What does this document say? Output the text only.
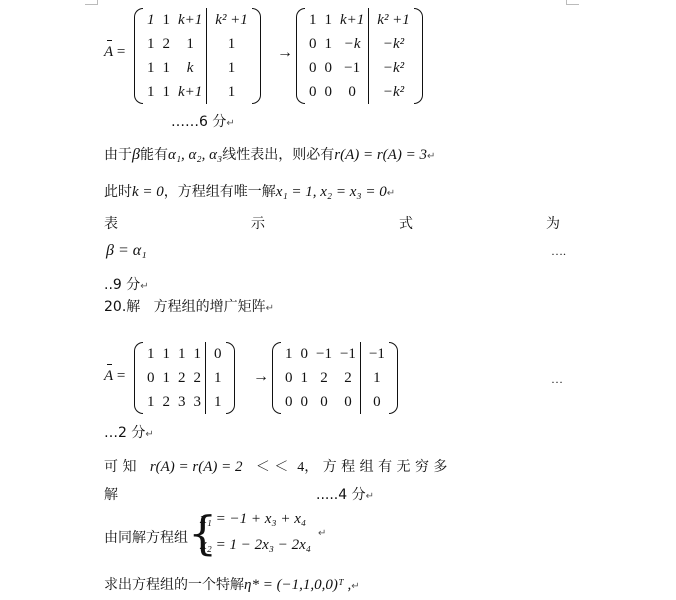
A =
1	1	k+1	k² +1
1	2	1	1
1	1	k	1
1	1	k+1	1
→
1	1	k+1	k² +1
0	1	−k	−k²
0	0	−1	−k²
0	0	0	−k²
……6 分↵
由于β能有α₁, α₂, α₃线性表出，则必有r(A) = r(A) = 3↵
此时k = 0，方程组有唯一解x₁ = 1, x₂ = x₃ = 0↵
表	示	式	为
β = α₁	….
..9 分↵
20.解 方程组的增广矩阵↵
A =
1	1	1	1	0
0	1	2	2	1
1	2	3	3	1
→
1	0	−1	−1	−1
0	1	2	2	1
0	0	0	0	0
…
…2 分↵
可 知 r(A) = r(A) = 2 ＜ ＜ 4， 方 程 组 有 无 穷 多
解	.....4 分↵
由同解方程组 {
x₁ = −1 + x₃ + x₄
x₂ = 1 − 2x₃ − 2x₄
↵
求出方程组的一个特解η* = (−1,1,0,0)ᵀ ,↵
